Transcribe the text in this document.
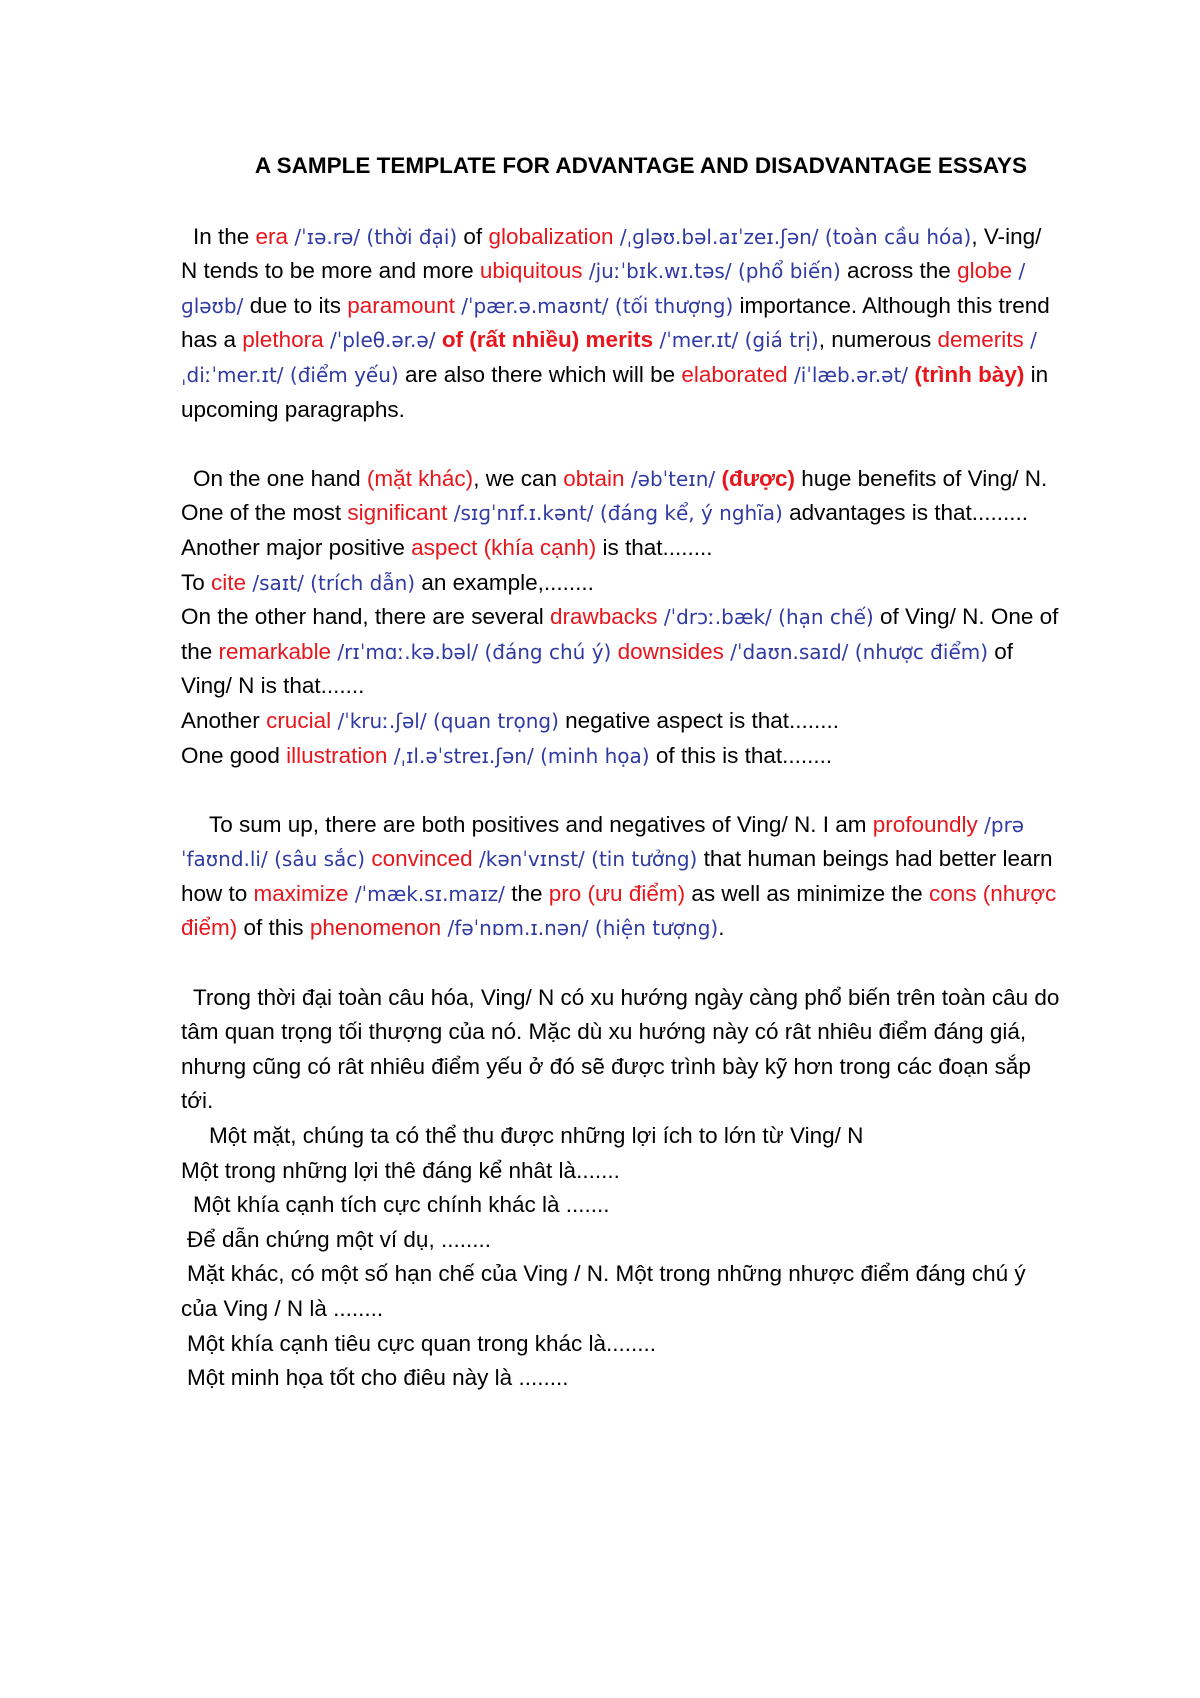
A SAMPLE TEMPLATE FOR ADVANTAGE AND DISADVANTAGE ESSAYS

In the era /ˈɪə.rə/ (thời đại) of globalization /ˌɡləʊ.bəl.aɪˈzeɪ.ʃən/ (toàn cầu hóa), V-ing/ N tends to be more and more ubiquitous /juːˈbɪk.wɪ.təs/ (phổ biến) across the globe /ɡləʊb/ due to its paramount /ˈpær.ə.maʊnt/ (tối thượng) importance. Although this trend has a plethora /ˈpleθ.ər.ə/ of (rất nhiều) merits /ˈmer.ɪt/ (giá trị), numerous demerits /ˌdiːˈmer.ɪt/ (điểm yếu) are also there which will be elaborated /iˈlæb.ər.ət/ (trình bày) in upcoming paragraphs.

On the one hand (mặt khác), we can obtain /əbˈteɪn/ (được) huge benefits of Ving/ N. One of the most significant /sɪɡˈnɪf.ɪ.kənt/ (đáng kể, ý nghĩa) advantages is that.........

Another major positive aspect (khía cạnh) is that........

To cite /saɪt/ (trích dẫn) an example,........

On the other hand, there are several drawbacks /ˈdrɔː.bæk/ (hạn chế) of Ving/ N. One of the remarkable /rɪˈmɑː.kə.bəl/ (đáng chú ý) downsides /ˈdaʊn.saɪd/ (nhược điểm) of Ving/ N is that.......

Another crucial /ˈkruː.ʃəl/ (quan trọng) negative aspect is that........

One good illustration /ˌɪl.əˈstreɪ.ʃən/ (minh họa) of this is that........

To sum up, there are both positives and negatives of Ving/ N. I am profoundly /prəˈfaʊnd.li/ (sâu sắc) convinced /kənˈvɪnst/ (tin tưởng) that human beings had better learn how to maximize /ˈmæk.sɪ.maɪz/ the pro (ưu điểm) as well as minimize the cons (nhược điểm) of this phenomenon /fəˈnɒm.ɪ.nən/ (hiện tượng).

Trong thời đại toàn câu hóa, Ving/ N có xu hướng ngày càng phổ biến trên toàn câu do tâm quan trọng tối thượng của nó. Mặc dù xu hướng này có rât nhiêu điểm đáng giá, nhưng cũng có rât nhiêu điểm yếu ở đó sẽ được trình bày kỹ hơn trong các đoạn sắp tới.

Một mặt, chúng ta có thể thu được những lợi ích to lớn từ Ving/ N

Một trong những lợi thê đáng kể nhât là.......

Một khía cạnh tích cực chính khác là .......

Để dẫn chứng một ví dụ, ........

Mặt khác, có một số hạn chế của Ving / N. Một trong những nhược điểm đáng chú ý của Ving / N là ........

Một khía cạnh tiêu cực quan trong khác là........

Một minh họa tốt cho điêu này là ........
